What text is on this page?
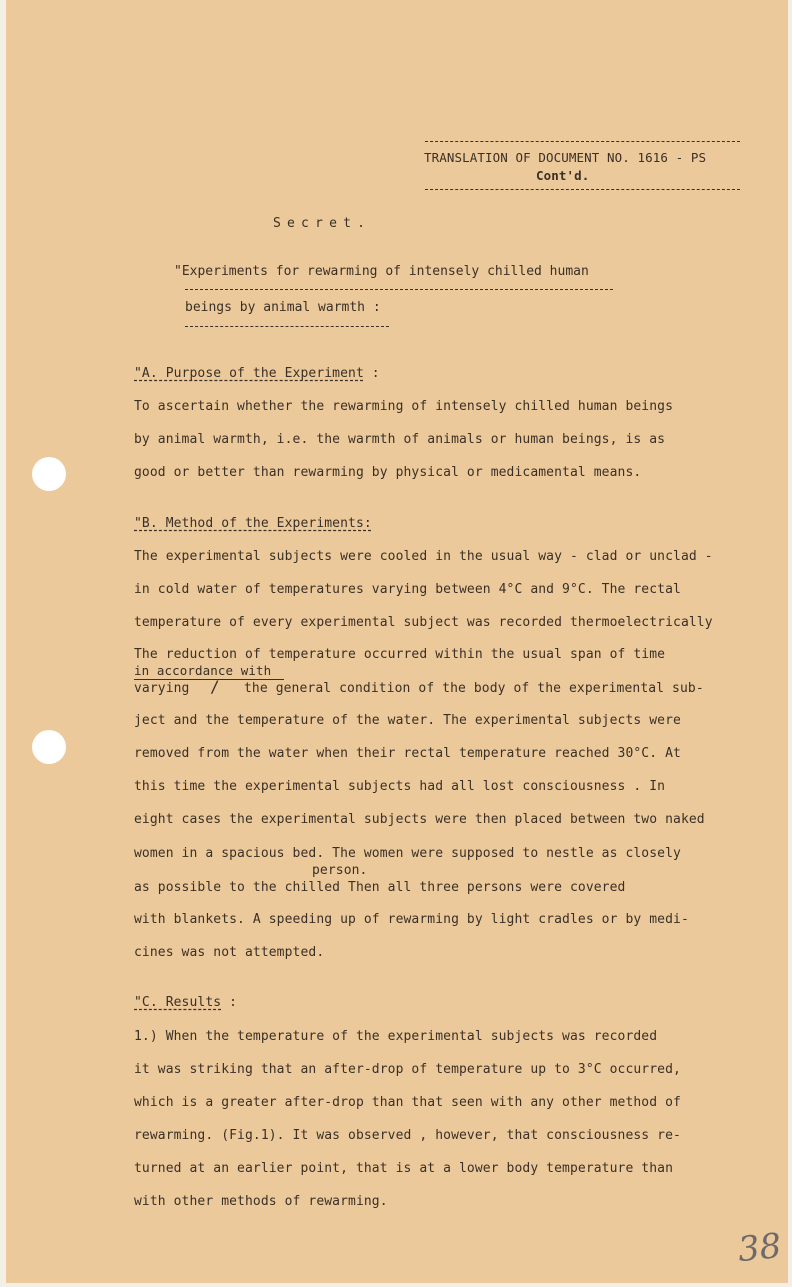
TRANSLATION OF DOCUMENT NO. 1616 - PS
Cont'd.
Secret.
"Experiments for rewarming of intensely chilled human
beings by animal warmth :
"A. Purpose of the Experiment :
To ascertain whether the rewarming of intensely chilled human beings
by animal warmth, i.e. the warmth of animals or human beings, is as
good or better than rewarming by physical or medicamental means.
"B. Method of the Experiments:
The experimental subjects were cooled in the usual way - clad or unclad -
in cold water of temperatures varying between 4°C and 9°C. The rectal
temperature of every experimental subject was recorded thermoelectrically
The reduction of temperature occurred within the usual span of time
in accordance with
varying / the general condition of the body of the experimental sub-
ject and the temperature of the water. The experimental subjects were
removed from the water when their rectal temperature reached 30°C. At
this time the experimental subjects had all lost consciousness . In
eight cases the experimental subjects were then placed between two naked
women in a spacious bed. The women were supposed to nestle as closely
person.
as possible to the chilled Then all three persons were covered
with blankets. A speeding up of rewarming by light cradles or by medi-
cines was not attempted.
"C. Results :
1.) When the temperature of the experimental subjects was recorded
it was striking that an after-drop of temperature up to 3°C occurred,
which is a greater after-drop than that seen with any other method of
rewarming. (Fig.1). It was observed , however, that consciousness re-
turned at an earlier point, that is at a lower body temperature than
with other methods of rewarming.
38
